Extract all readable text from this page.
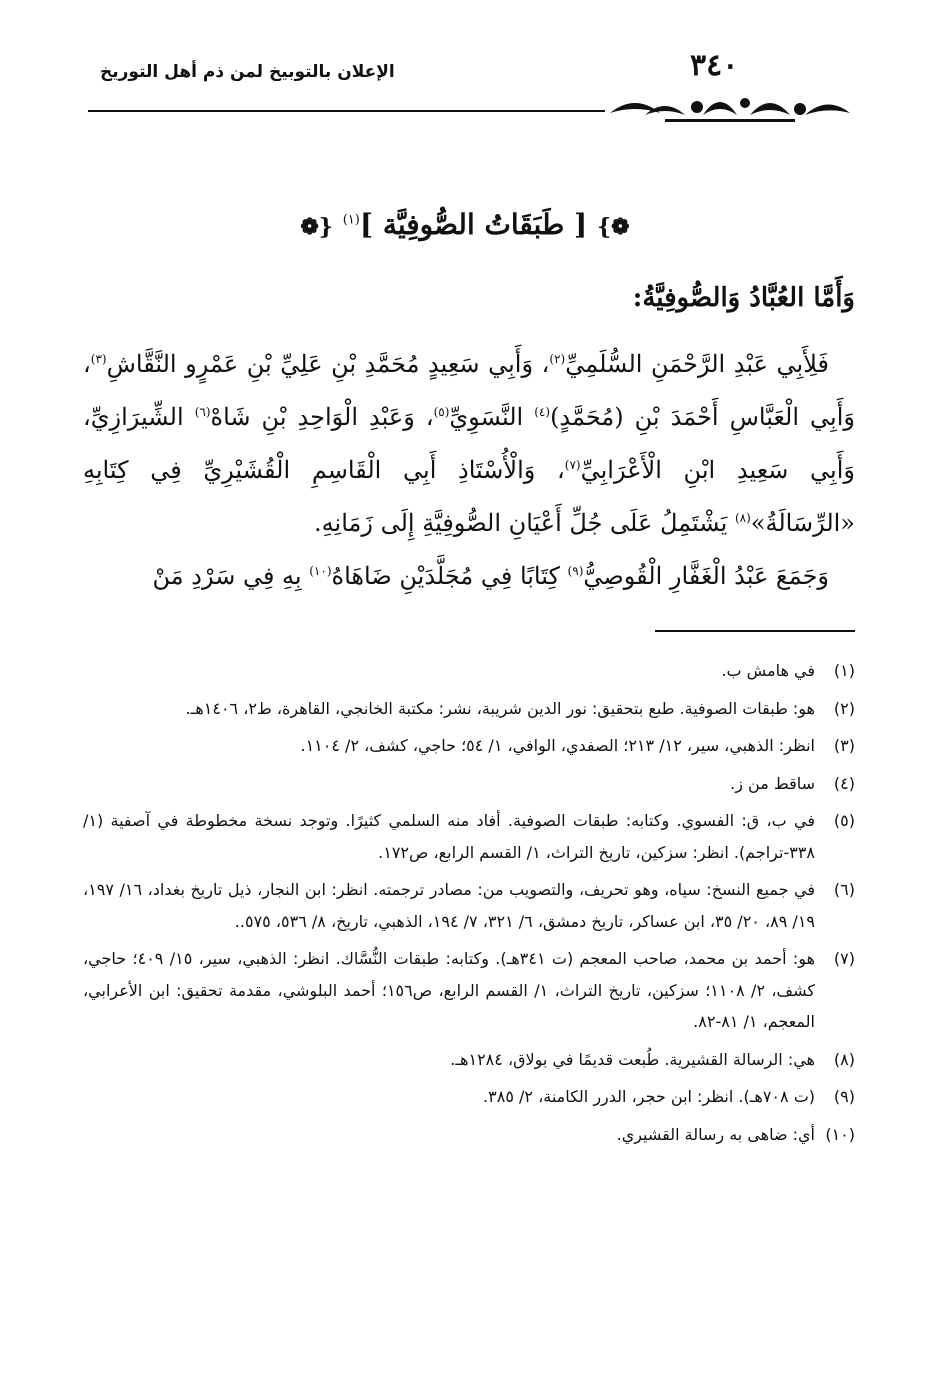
٣٤٠
الإعلان بالتوبيخ لمن ذم أهل التوريخ
❁} [ طَبَقَاتُ الصُّوفِيَّة ]$^{(١)}$ {❁
وَأَمَّا العُبَّادُ وَالصُّوفِيَّةُ:

فَلِأَبِي عَبْدِ الرَّحْمَنِ السُّلَمِيِّ$^{(٢)}$، وَأَبِي سَعِيدٍ مُحَمَّدِ بْنِ عَلِيِّ بْنِ عَمْرٍو النَّقَّاشِ$^{(٣)}$، وَأَبِي الْعَبَّاسِ أَحْمَدَ بْنِ (مُحَمَّدٍ)$^{(٤)}$ النَّسَوِيِّ$^{(٥)}$، وَعَبْدِ الْوَاحِدِ بْنِ شَاهْ$^{(٦)}$ الشِّيرَازِيِّ، وَأَبِي سَعِيدِ ابْنِ الْأَعْرَابِيِّ$^{(٧)}$، وَالْأُسْتَاذِ أَبِي الْقَاسِمِ الْقُشَيْرِيِّ فِي كِتَابِهِ «الرِّسَالَةُ»$^{(٨)}$ يَشْتَمِلُ عَلَى جُلِّ أَعْيَانِ الصُّوفِيَّةِ إِلَى زَمَانِهِ.

وَجَمَعَ عَبْدُ الْغَفَّارِ الْقُوصِيُّ$^{(٩)}$ كِتَابًا فِي مُجَلَّدَيْنِ ضَاهَاهُ$^{(١٠)}$ بِهِ فِي سَرْدِ مَنْ

(١)
في هامش ب.
(٢)
هو: طبقات الصوفية. طبع بتحقيق: نور الدين شريبة، نشر: مكتبة الخانجي، القاهرة، ط٢، ١٤٠٦هـ.
(٣)
انظر: الذهبي، سير، ١٢/ ٢١٣؛ الصفدي، الوافي، ١/ ٥٤؛ حاجي، كشف، ٢/ ١١٠٤.
(٤)
ساقط من ز.
(٥)
في ب، ق: الفسوي. وكتابه: طبقات الصوفية. أفاد منه السلمي كثيرًا. وتوجد نسخة مخطوطة في آصفية (١/ ٣٣٨-تراجم). انظر: سزكين، تاريخ التراث، ١/ القسم الرابع، ص١٧٢.
(٦)
في جميع النسخ: سياه، وهو تحريف، والتصويب من: مصادر ترجمته. انظر: ابن النجار، ذيل تاريخ بغداد، ١٦/ ١٩٧، ١٩/ ٨٩، ٢٠/ ٣٥، ابن عساكر، تاريخ دمشق، ٦/ ٣٢١، ٧/ ١٩٤، الذهبي، تاريخ، ٨/ ٥٣٦، ٥٧٥..
(٧)
هو: أحمد بن محمد، صاحب المعجم (ت ٣٤١هـ). وكتابه: طبقات النُّسَّاك. انظر: الذهبي، سير، ١٥/ ٤٠٩؛ حاجي، كشف، ٢/ ١١٠٨؛ سزكين، تاريخ التراث، ١/ القسم الرابع، ص١٥٦؛ أحمد البلوشي، مقدمة تحقيق: ابن الأعرابي، المعجم، ١/ ٨١-٨٢.
(٨)
هي: الرسالة القشيرية. طُبعت قديمًا في بولاق، ١٢٨٤هـ.
(٩)
(ت ٧٠٨هـ). انظر: ابن حجر، الدرر الكامنة، ٢/ ٣٨٥.
(١٠)
أي: ضاهى به رسالة القشيري.
